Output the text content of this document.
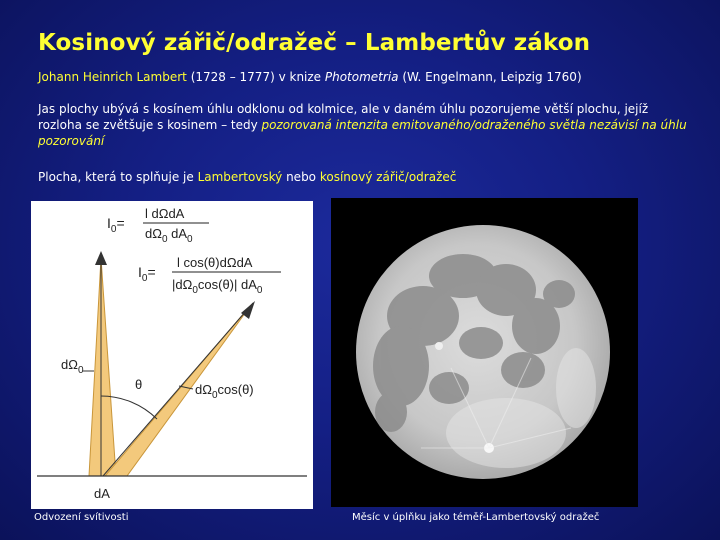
Kosinový zářič/odražeč – Lambertův zákon
Johann Heinrich Lambert (1728 – 1777) v knize Photometria (W. Engelmann, Leipzig 1760)
Jas plochy ubývá s kosínem úhlu odklonu od kolmice, ale v daném úhlu pozorujeme větší plochu, jejíž rozloha se zvětšuje s kosinem – tedy pozorovaná intenzita emitovaného/odraženého světla nezávisí na úhlu pozorování
Plocha, která to splňuje je Lambertovský nebo kosínový zářič/odražeč
$I_0=$
l dΩdA
$d\Omega_0$ $dA_0$
$I_0=$
l cos(θ)dΩdA
$|d\Omega_0\cos(\theta)|$ $dA_0$
θ
$d\Omega_0$
$d\Omega_0\cos(\theta)$
dA
Odvození svítivosti	Měsíc v úplňku jako téměř-Lambertovský odražeč
